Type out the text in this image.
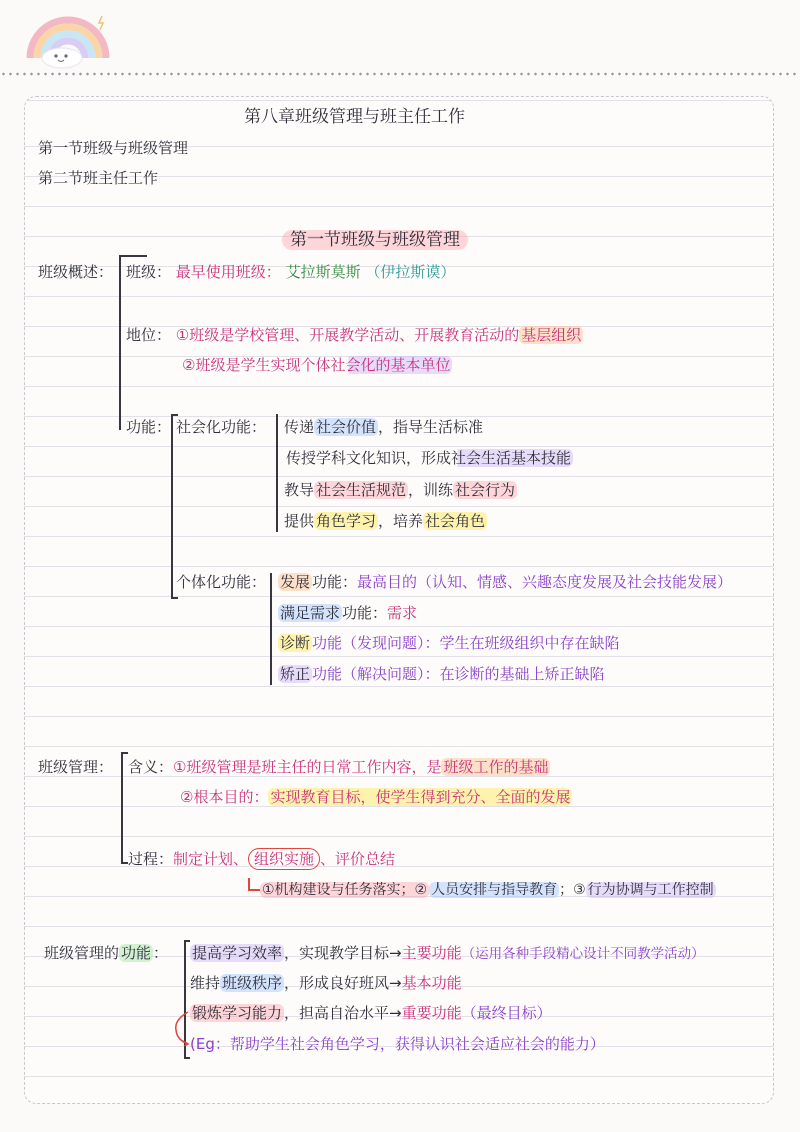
第八章班级管理与班主任工作
第一节班级与班级管理
第二节班主任工作
第一节班级与班级管理
班级概述： 班级： 最早使用班级： 艾拉斯莫斯 （伊拉斯谟）
地位： ①班级是学校管理、开展教学活动、开展教育活动的 基层组织
②班级是学生实现个体社会化的基本单位
功能： 社会化功能： 传递 社会价值 ，指导生活标准
传授学科文化知识，形成社会生活基本技能
教导 社会生活规范 ，训练 社会行为
提供 角色学习 ，培养 社会角色
个体化功能： 发展 功能：最高目的（认知、情感、兴趣态度发展及社会技能发展）
满足需求 功能：需求
诊断 功能（发现问题）：学生在班级组织中存在缺陷
矫正 功能（解决问题）：在诊断的基础上矫正缺陷
班级管理： 含义：①班级管理是班主任的日常工作内容，是 班级工作的基础
②根本目的： 实现教育目标，使学生得到充分、全面的发展
过程：制定计划、 组织实施 、评价总结
①机构建设与任务落实；② 人员安排与指导教育 ；③ 行为协调与工作控制
班级管理的 功能 ： 提高学习效率 ，实现教学目标→主要功能（运用各种手段精心设计不同教学活动）
维持 班级秩序 ，形成良好班风→基本功能
锻炼学习能力 ，担高自治水平→重要功能（最终目标）
(Eg：帮助学生社会角色学习，获得认识社会适应社会的能力）
